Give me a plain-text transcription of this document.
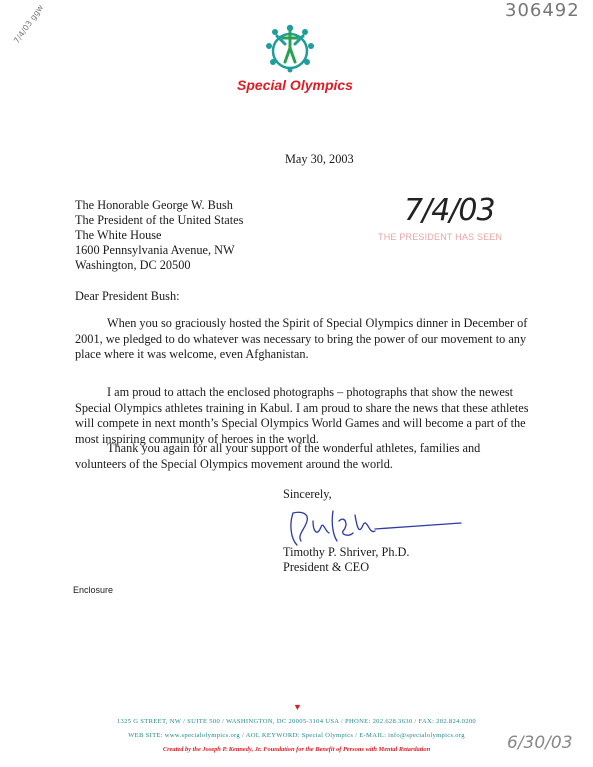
306492
7/4/03 ggw
Special Olympics
May 30, 2003
The Honorable George W. Bush
The President of the United States
The White House
1600 Pennsylvania Avenue, NW
Washington, DC 20500
THE PRESIDENT HAS SEEN
7/4/03
Dear President Bush:

When you so graciously hosted the Spirit of Special Olympics dinner in December of 2001, we pledged to do whatever was necessary to bring the power of our movement to any place where it was welcome, even Afghanistan.

I am proud to attach the enclosed photographs – photographs that show the newest Special Olympics athletes training in Kabul. I am proud to share the news that these athletes will compete in next month’s Special Olympics World Games and will become a part of the most inspiring community of heroes in the world.

Thank you again for all your support of the wonderful athletes, families and volunteers of the Special Olympics movement around the world.

Sincerely,
Timothy P. Shriver, Ph.D.
President & CEO
Enclosure
▼
1325 G STREET, NW / SUITE 500 / WASHINGTON, DC 20005-3104 USA / PHONE: 202.628.3630 / FAX: 202.824.0200
WEB SITE: www.specialolympics.org / AOL KEYWORD: Special Olympics / E-MAIL: info@specialolympics.org
Created by the Joseph P. Kennedy, Jr. Foundation for the Benefit of Persons with Mental Retardation	6/30/03
